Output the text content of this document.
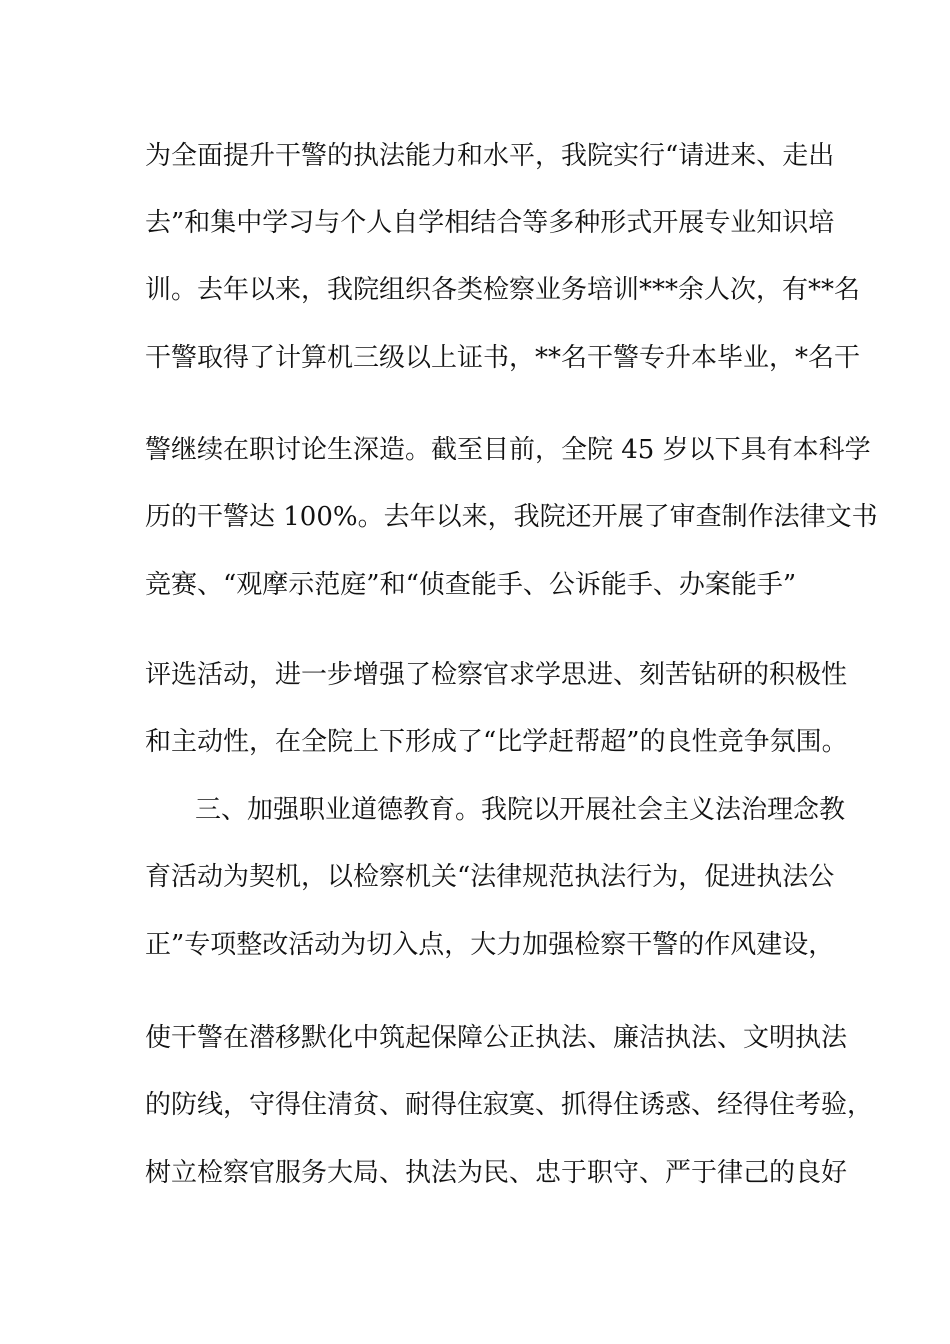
为全面提升干警的执法能力和水平，我院实行“请进来、走出
去”和集中学习与个人自学相结合等多种形式开展专业知识培
训。去年以来，我院组织各类检察业务培训***余人次，有**名
干警取得了计算机三级以上证书，**名干警专升本毕业，*名干
警继续在职讨论生深造。截至目前，全院 45 岁以下具有本科学
历的干警达 100%。去年以来，我院还开展了审查制作法律文书
竞赛、“观摩示范庭”和“侦查能手、公诉能手、办案能手”
评选活动，进一步增强了检察官求学思进、刻苦钻研的积极性
和主动性，在全院上下形成了“比学赶帮超”的良性竞争氛围。
三、加强职业道德教育。我院以开展社会主义法治理念教
育活动为契机，以检察机关“法律规范执法行为，促进执法公
正”专项整改活动为切入点，大力加强检察干警的作风建设，
使干警在潜移默化中筑起保障公正执法、廉洁执法、文明执法
的防线，守得住清贫、耐得住寂寞、抓得住诱惑、经得住考验，
树立检察官服务大局、执法为民、忠于职守、严于律己的良好
